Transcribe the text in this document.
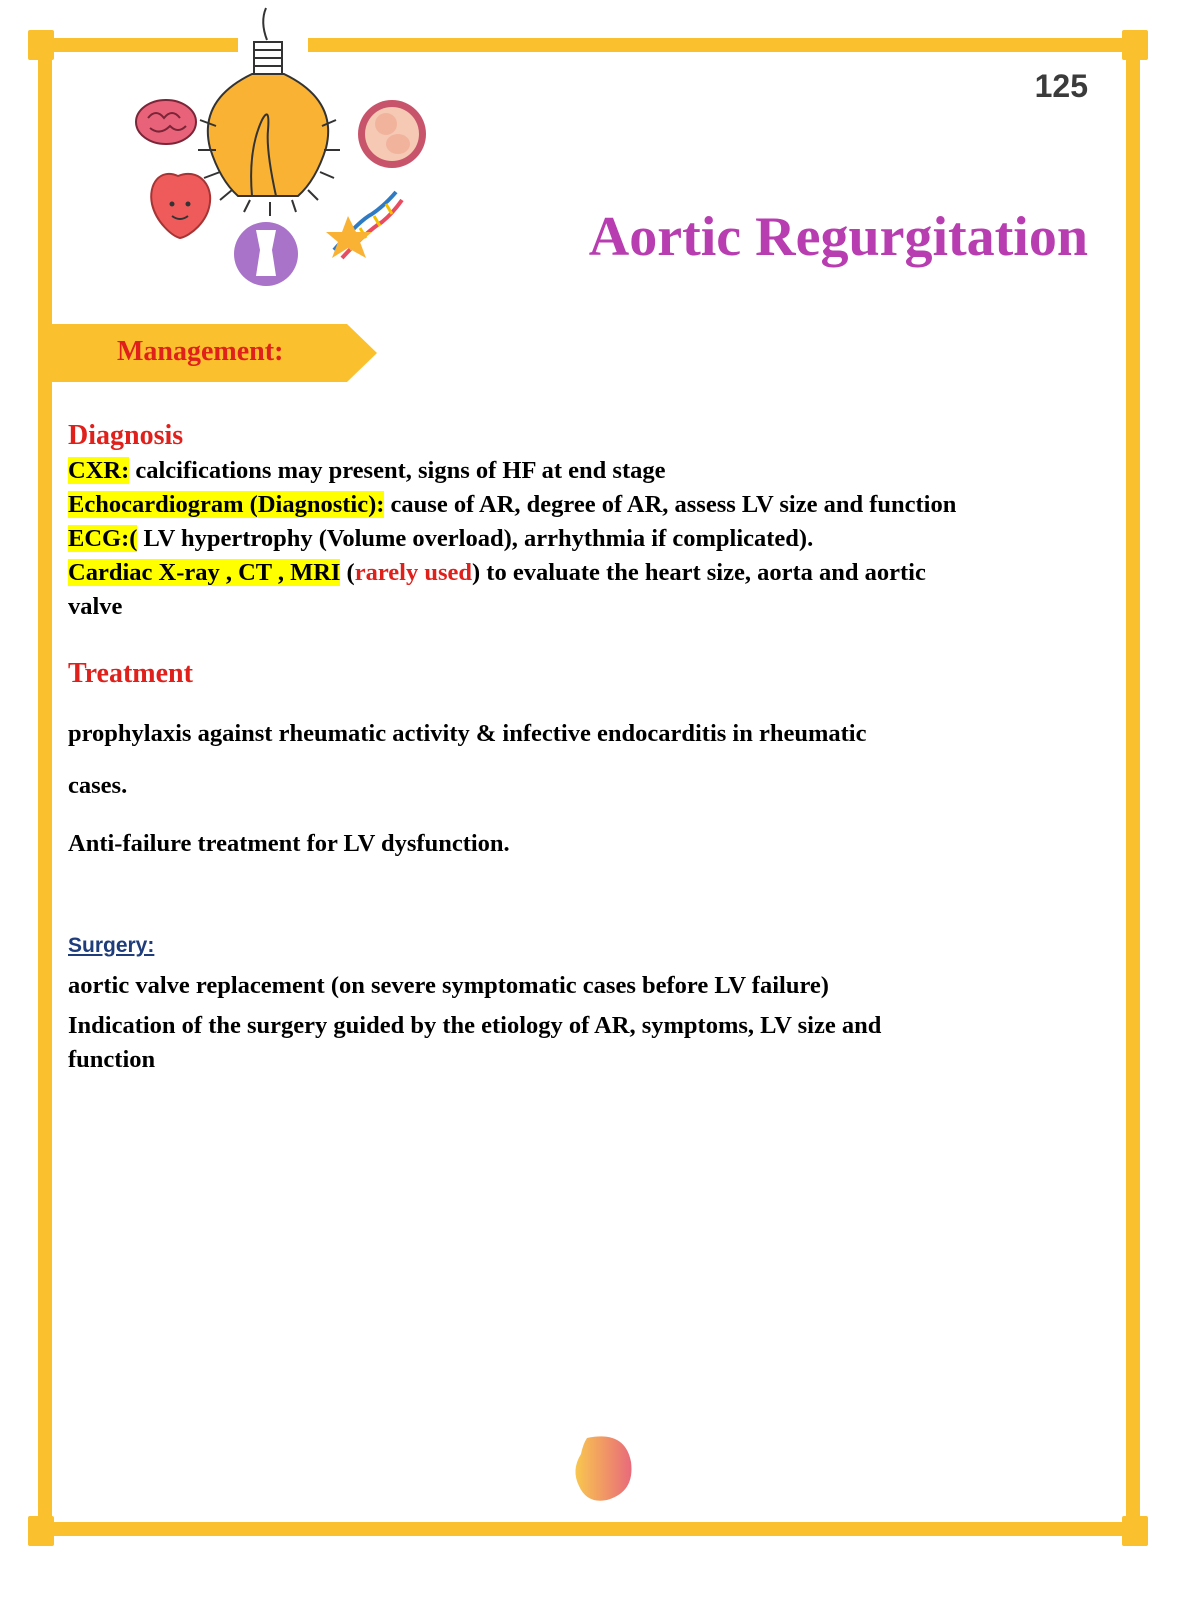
125
Aortic Regurgitation
Management:
Diagnosis
CXR: calcifications may present, signs of HF at end stage
Echocardiogram (Diagnostic): cause of AR, degree of AR, assess LV size and function
ECG:( LV hypertrophy (Volume overload), arrhythmia if complicated).
Cardiac X-ray , CT , MRI (rarely used) to evaluate the heart size, aorta and aortic
valve
Treatment
prophylaxis against rheumatic activity & infective endocarditis in rheumatic
cases.
Anti-failure treatment for LV dysfunction.
Surgery:
aortic valve replacement (on severe symptomatic cases before LV failure)
Indication of the surgery guided by the etiology of AR, symptoms, LV size and
function
